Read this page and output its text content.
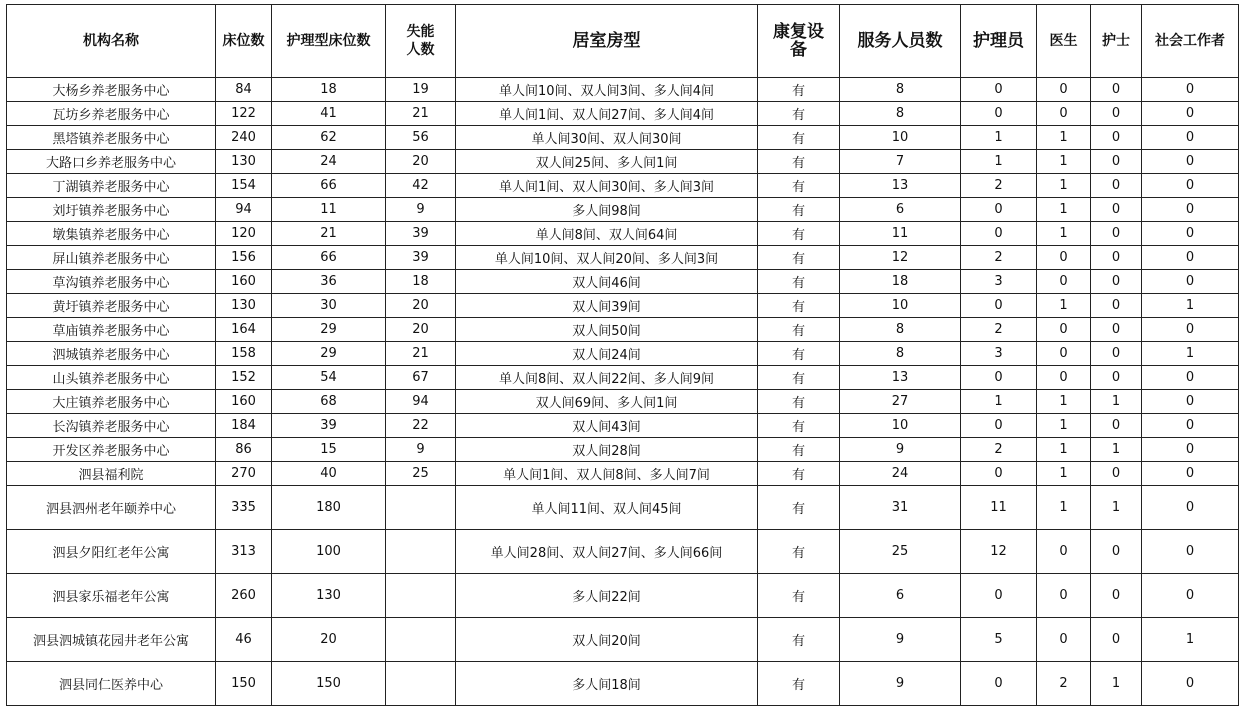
机构名称	床位数	护理型床位数	失能人数	居室房型	康复设备	服务人员数	护理员	医生	护士	社会工作者
大杨乡养老服务中心	84	18	19	单人间10间、双人间3间、多人间4间	有	8	0	0	0	0
瓦坊乡养老服务中心	122	41	21	单人间1间、双人间27间、多人间4间	有	8	0	0	0	0
黑塔镇养老服务中心	240	62	56	单人间30间、双人间30间	有	10	1	1	0	0
大路口乡养老服务中心	130	24	20	双人间25间、多人间1间	有	7	1	1	0	0
丁湖镇养老服务中心	154	66	42	单人间1间、双人间30间、多人间3间	有	13	2	1	0	0
刘圩镇养老服务中心	94	11	9	多人间98间	有	6	0	1	0	0
墩集镇养老服务中心	120	21	39	单人间8间、双人间64间	有	11	0	1	0	0
屏山镇养老服务中心	156	66	39	单人间10间、双人间20间、多人间3间	有	12	2	0	0	0
草沟镇养老服务中心	160	36	18	双人间46间	有	18	3	0	0	0
黄圩镇养老服务中心	130	30	20	双人间39间	有	10	0	1	0	1
草庙镇养老服务中心	164	29	20	双人间50间	有	8	2	0	0	0
泗城镇养老服务中心	158	29	21	双人间24间	有	8	3	0	0	1
山头镇养老服务中心	152	54	67	单人间8间、双人间22间、多人间9间	有	13	0	0	0	0
大庄镇养老服务中心	160	68	94	双人间69间、多人间1间	有	27	1	1	1	0
长沟镇养老服务中心	184	39	22	双人间43间	有	10	0	1	0	0
开发区养老服务中心	86	15	9	双人间28间	有	9	2	1	1	0
泗县福利院	270	40	25	单人间1间、双人间8间、多人间7间	有	24	0	1	0	0
泗县泗州老年颐养中心	335	180		单人间11间、双人间45间	有	31	11	1	1	0
泗县夕阳红老年公寓	313	100		单人间28间、双人间27间、多人间66间	有	25	12	0	0	0
泗县家乐福老年公寓	260	130		多人间22间	有	6	0	0	0	0
泗县泗城镇花园井老年公寓	46	20		双人间20间	有	9	5	0	0	1
泗县同仁医养中心	150	150		多人间18间	有	9	0	2	1	0
